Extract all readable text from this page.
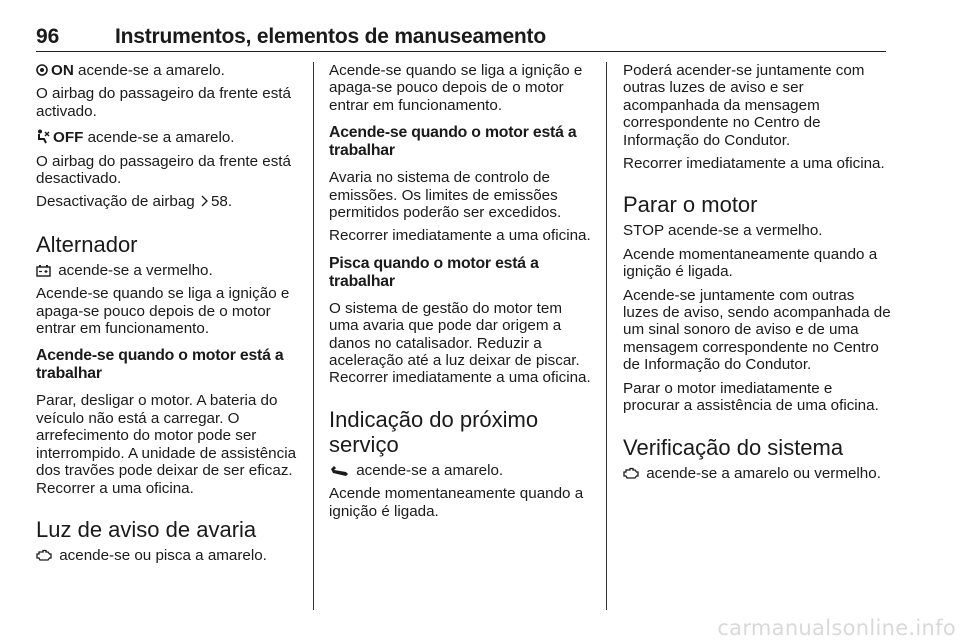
96	Instrumentos, elementos de manuseamento

ON acende-se a amarelo.

O airbag do passageiro da frente está activado.

OFF acende-se a amarelo.

O airbag do passageiro da frente está desactivado.

Desactivação de airbag 58.

Alternador

acende-se a vermelho.

Acende-se quando se liga a ignição e apaga-se pouco depois de o motor entrar em funcionamento.

Acende-se quando o motor está a trabalhar

Parar, desligar o motor. A bateria do veículo não está a carregar. O arrefecimento do motor pode ser interrompido. A unidade de assistência dos travões pode deixar de ser eficaz. Recorrer a uma oficina.

Luz de aviso de avaria

acende-se ou pisca a amarelo.

Acende-se quando se liga a ignição e apaga-se pouco depois de o motor entrar em funcionamento.

Acende-se quando o motor está a trabalhar

Avaria no sistema de controlo de emissões. Os limites de emissões permitidos poderão ser excedidos.

Recorrer imediatamente a uma oficina.

Pisca quando o motor está a trabalhar

O sistema de gestão do motor tem uma avaria que pode dar origem a danos no catalisador. Reduzir a aceleração até a luz deixar de piscar. Recorrer imediatamente a uma oficina.

Indicação do próximo serviço

acende-se a amarelo.

Acende momentaneamente quando a ignição é ligada.

Poderá acender-se juntamente com outras luzes de aviso e ser acompanhada da mensagem correspondente no Centro de Informação do Condutor.

Recorrer imediatamente a uma oficina.

Parar o motor

STOP acende-se a vermelho.

Acende momentaneamente quando a ignição é ligada.

Acende-se juntamente com outras luzes de aviso, sendo acompanhada de um sinal sonoro de aviso e de uma mensagem correspondente no Centro de Informação do Condutor.

Parar o motor imediatamente e procurar a assistência de uma oficina.

Verificação do sistema

acende-se a amarelo ou vermelho.

carmanualsonline.info
